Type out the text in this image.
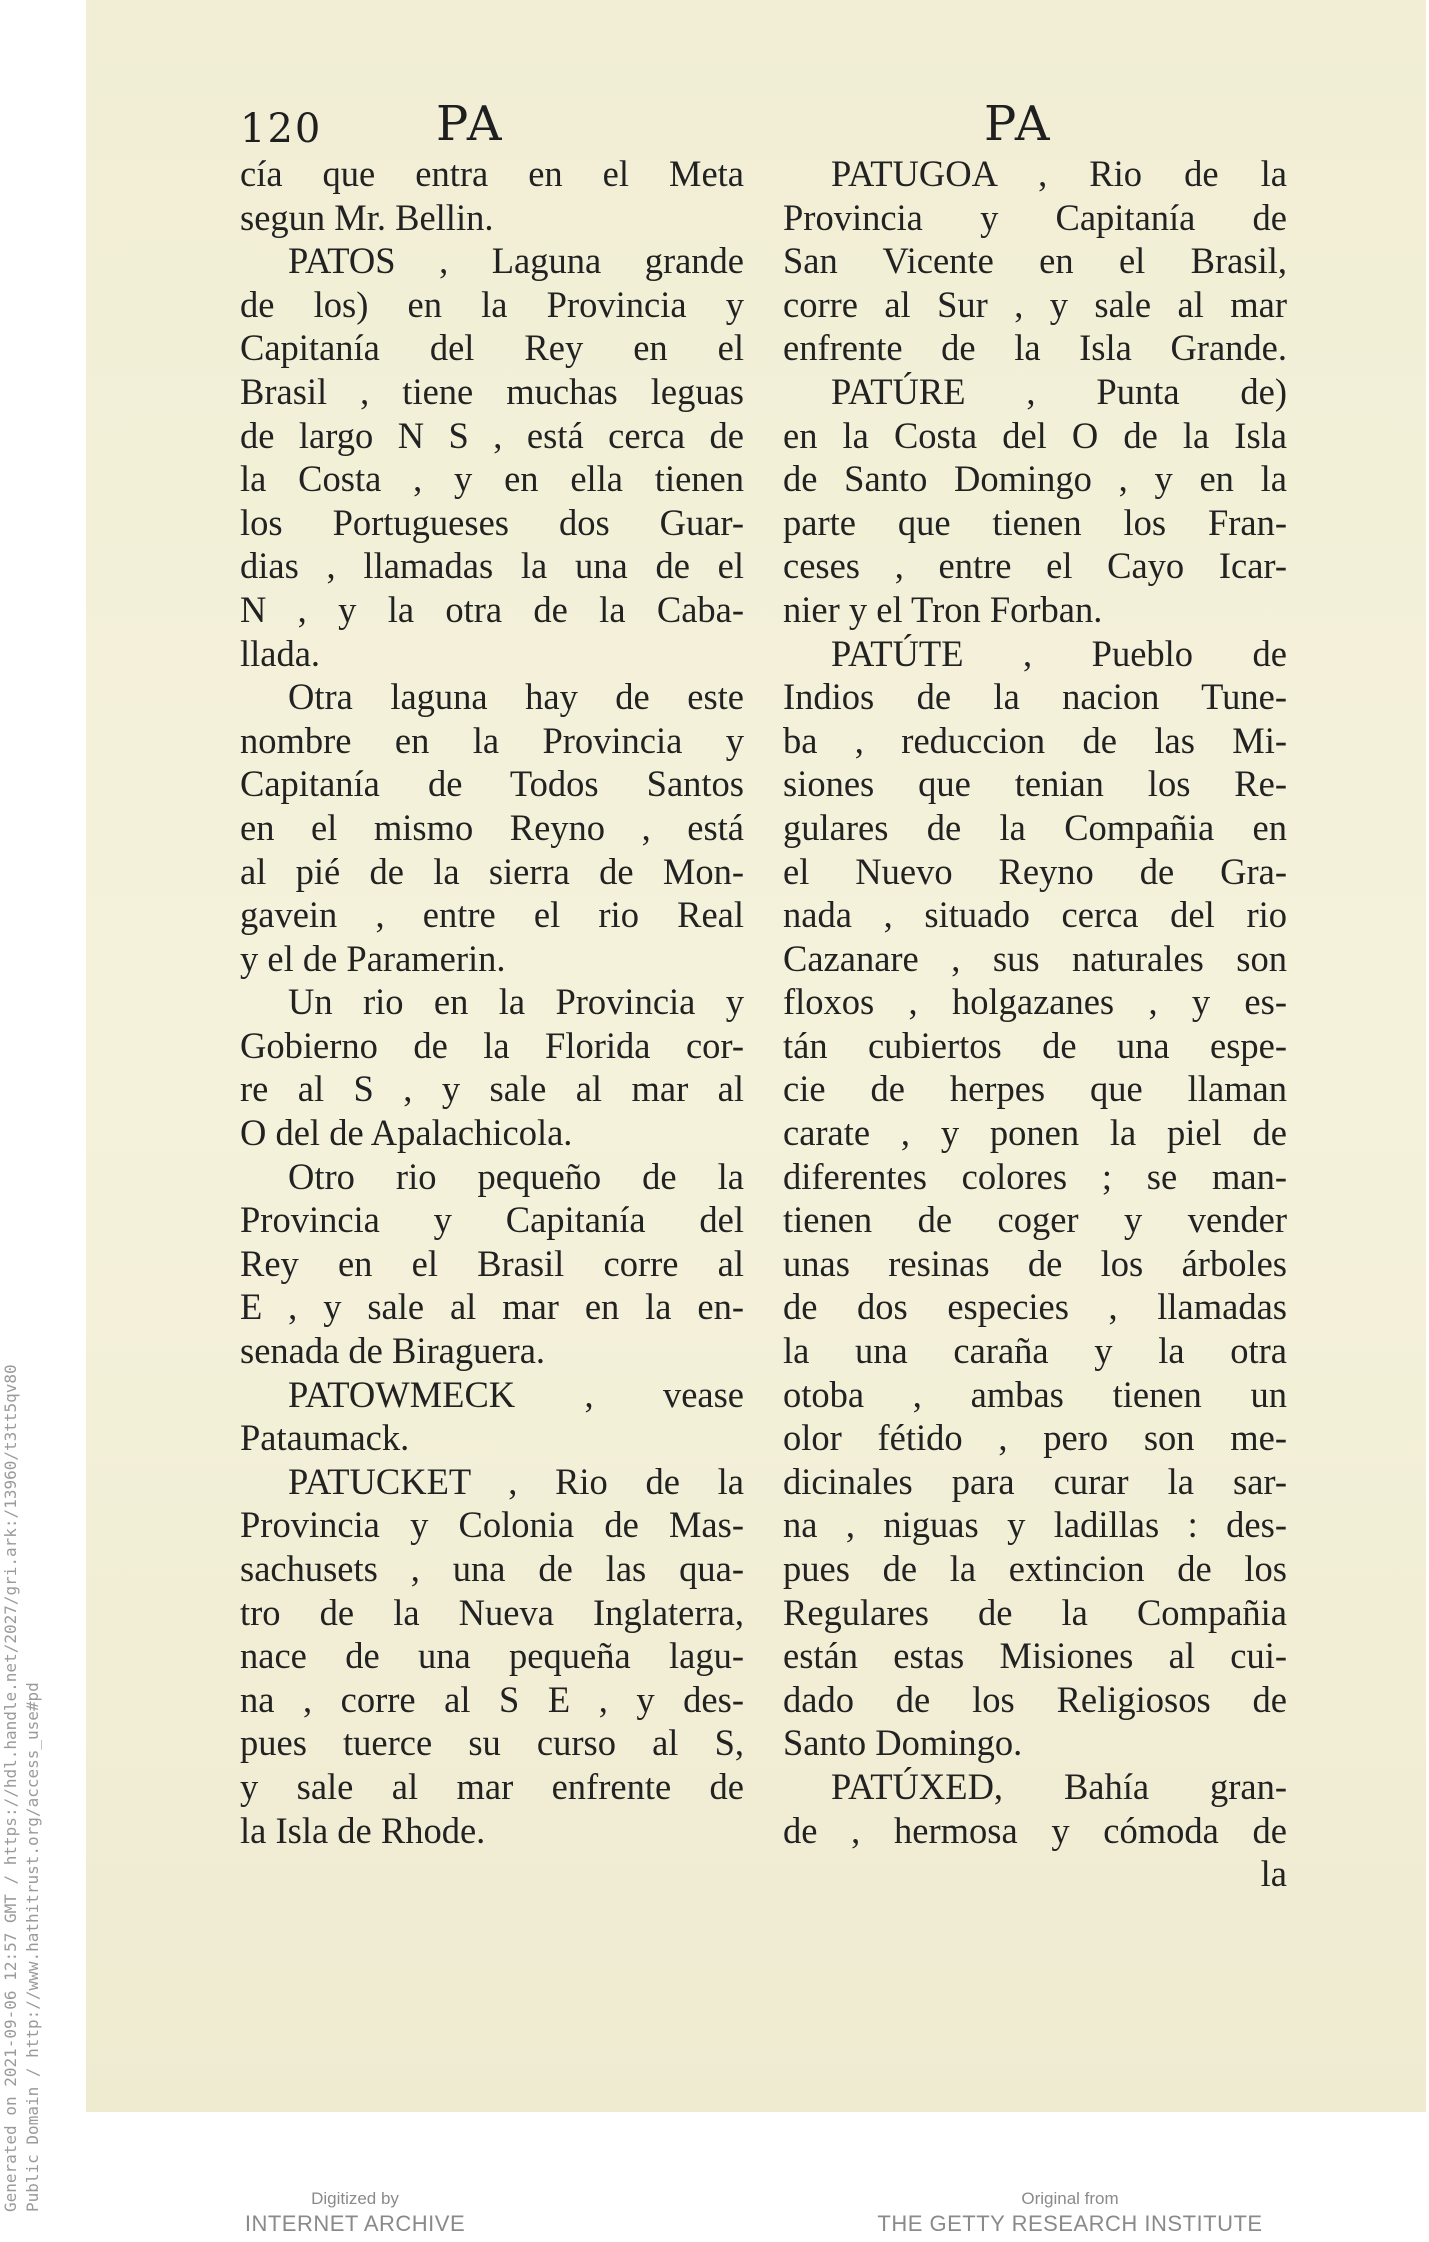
Generated on 2021-09-06 12:57 GMT / https://hdl.handle.net/2027/gri.ark:/13960/t3tt5qv80 Public Domain / http://www.hathitrust.org/access_use#pd
120 PA	PA
cía que entra en el Meta
segun Mr. Bellin.
PATOS , Laguna grande
de los) en la Provincia y
Capitanía del Rey en el
Brasil , tiene muchas leguas
de largo N S , está cerca de
la Costa , y en ella tienen
los Portugueses dos Guar-
dias , llamadas la una de el
N , y la otra de la Caba-
llada.
Otra laguna hay de este
nombre en la Provincia y
Capitanía de Todos Santos
en el mismo Reyno , está
al pié de la sierra de Mon-
gavein , entre el rio Real
y el de Paramerin.
Un rio en la Provincia y
Gobierno de la Florida cor-
re al S , y sale al mar al
O del de Apalachicola.
Otro rio pequeño de la
Provincia y Capitanía del
Rey en el Brasil corre al
E , y sale al mar en la en-
senada de Biraguera.
PATOWMECK , vease
Pataumack.
PATUCKET , Rio de la
Provincia y Colonia de Mas-
sachusets , una de las qua-
tro de la Nueva Inglaterra,
nace de una pequeña lagu-
na , corre al S E , y des-
pues tuerce su curso al S,
y sale al mar enfrente de
la Isla de Rhode.
PATUGOA , Rio de la
Provincia y Capitanía de
San Vicente en el Brasil,
corre al Sur , y sale al mar
enfrente de la Isla Grande.
PATÚRE , Punta de)
en la Costa del O de la Isla
de Santo Domingo , y en la
parte que tienen los Fran-
ceses , entre el Cayo Icar-
nier y el Tron Forban.
PATÚTE , Pueblo de
Indios de la nacion Tune-
ba , reduccion de las Mi-
siones que tenian los Re-
gulares de la Compañia en
el Nuevo Reyno de Gra-
nada , situado cerca del rio
Cazanare , sus naturales son
floxos , holgazanes , y es-
tán cubiertos de una espe-
cie de herpes que llaman
carate , y ponen la piel de
diferentes colores ; se man-
tienen de coger y vender
unas resinas de los árboles
de dos especies , llamadas
la una caraña y la otra
otoba , ambas tienen un
olor fétido , pero son me-
dicinales para curar la sar-
na , niguas y ladillas : des-
pues de la extincion de los
Regulares de la Compañia
están estas Misiones al cui-
dado de los Religiosos de
Santo Domingo.
PATÚXED, Bahía gran-
de , hermosa y cómoda de
la
Digitized by
INTERNET ARCHIVE
Original from
THE GETTY RESEARCH INSTITUTE
